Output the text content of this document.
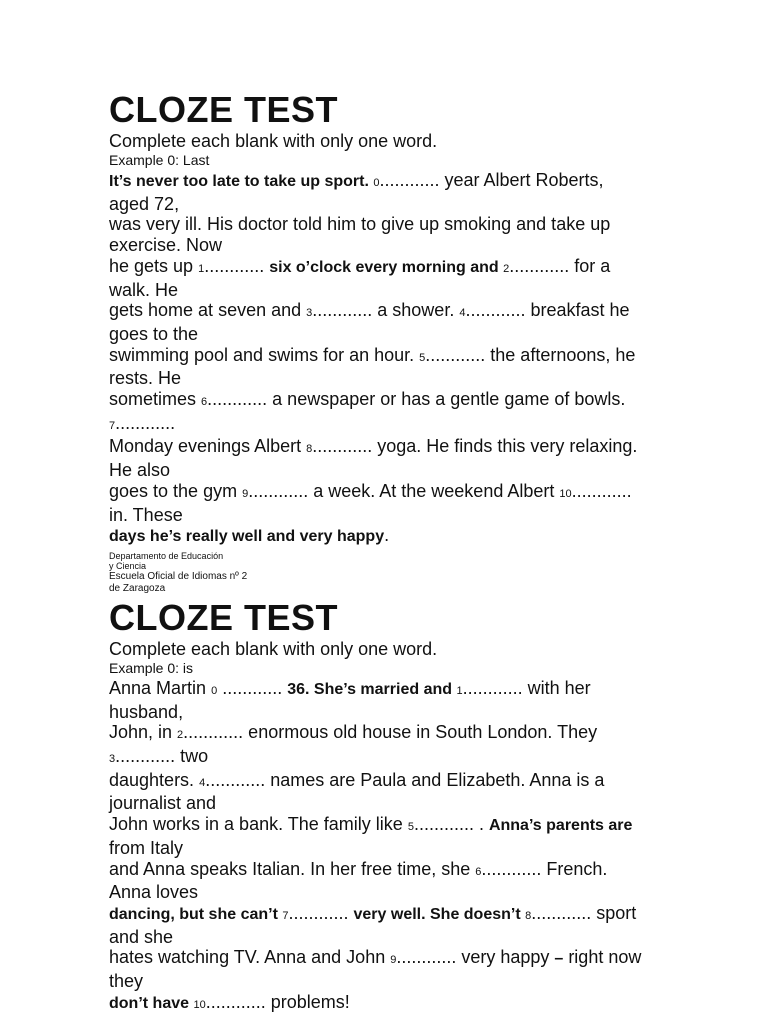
CLOZE TEST
Complete each blank with only one word.
Example 0: Last
It’s never too late to take up sport. 0............ year Albert Roberts,
aged 72,
was very ill. His doctor told him to give up smoking and take up
exercise. Now
he gets up 1............ six o’clock every morning and 2............ for a
walk. He
gets home at seven and 3............ a shower. 4............ breakfast he
goes to the
swimming pool and swims for an hour. 5............ the afternoons, he
rests. He
sometimes 6............ a newspaper or has a gentle game of bowls.
7............
Monday evenings Albert 8............ yoga. He finds this very relaxing.
He also
goes to the gym 9............ a week. At the weekend Albert 10............
in. These
days he’s really well and very happy.
Departamento de Educación
y Ciencia
Escuela Oficial de Idiomas nº 2
de Zaragoza
CLOZE TEST
Complete each blank with only one word.
Example 0: is
Anna Martin 0 ............ 36. She’s married and 1............ with her
husband,
John, in 2............ enormous old house in South London. They
3............ two
daughters. 4............ names are Paula and Elizabeth. Anna is a
journalist and
John works in a bank. The family like 5............ . Anna’s parents are
from Italy
and Anna speaks Italian. In her free time, she 6............ French.
Anna loves
dancing, but she can’t 7............ very well. She doesn’t 8............ sport
and she
hates watching TV. Anna and John 9............ very happy – right now
they
don’t have 10............ problems!
